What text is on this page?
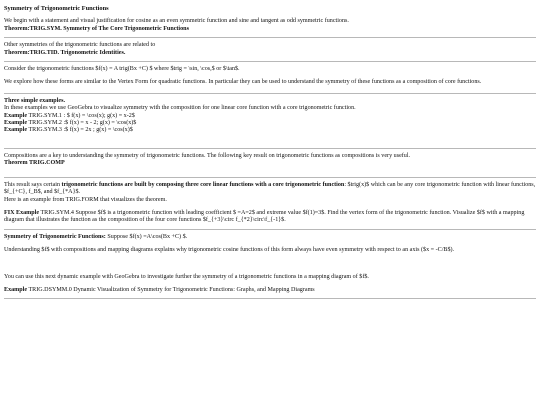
Symmetry of Trigonometric Functions

We begin with a statement and visual justification for cosine as an even symmetric function and sine and tangent as odd symmetric functions.

Theorem:TRIG.SYM. Symmetry of The Core Trigonometric Functions

Other symmetries of the trigonometric functions are related to

Theorem:TRIG.TID. Trigonometric Identities.

Consider the trigonometric functions $f(x) = A trig(Bx +C) $ where $trig = \sin, \cos,$ or $\tan$.

We explore how these forms are similar to the Vertex Form for quadratic functions. In particular they can be used to understand the symmetry of these functions as a composition of core functions.

Three simple examples.

In these examples we use GeoGebra to visualize symmetry with the composition for one linear core function with a core trigonometric function.

Example TRIG.SYM.1 : $ f(x) = \cos(x); g(x) = x-2$

Example TRIG.SYM.2 :$ f(x) = x - 2; g(x) = \cos(x)$

Example TRIG.SYM.3 :$ f(x) = 2x ; g(x) = \cos(x)$

Compositions are a key to understanding the symmetry of trigonometric functions. The following key result on trigonometric functions as compositions is very useful.

Theorem TRIG.COMP

This result says certain trigonometric functions are built by composing three core linear functions with a core trigonometric function: $trig(x)$ which can be any core trigonometric function with linear functions, $f_{+C}, f_B$, and $f_{*A}$.

Here is an example from TRIG.FORM that visualizes the theorem.

FIX Example TRIG.SYM.4 Suppose $f$ is a trigonometric function with leading coefficient $ =A=2$ and extreme value $f(1)=3$. Find the vertex form of the trigonometric function. Visualize $f$ with a mapping diagram that illustrates the function as the composition of the four core functions $f_{+3}\circ f_{*2}\circ\f_{-1}$.

Symmetry of Trigonometric Functions: Suppose $f(x) =A\cos(Bx +C) $.

Understanding $f$ with compositions and mapping diagrams explains why trigonometric cosine functions of this form always have even symmetry with respect to an axis ($x = -C/B$).

You can use this next dynamic example with GeoGebra to investigate further the symmetry of a trigonometric functions in a mapping diagram of $f$.

Example TRIG.DSYMM.0 Dynamic Visualization of Symmetry for Trigonometric Functions: Graphs, and Mapping Diagrams
